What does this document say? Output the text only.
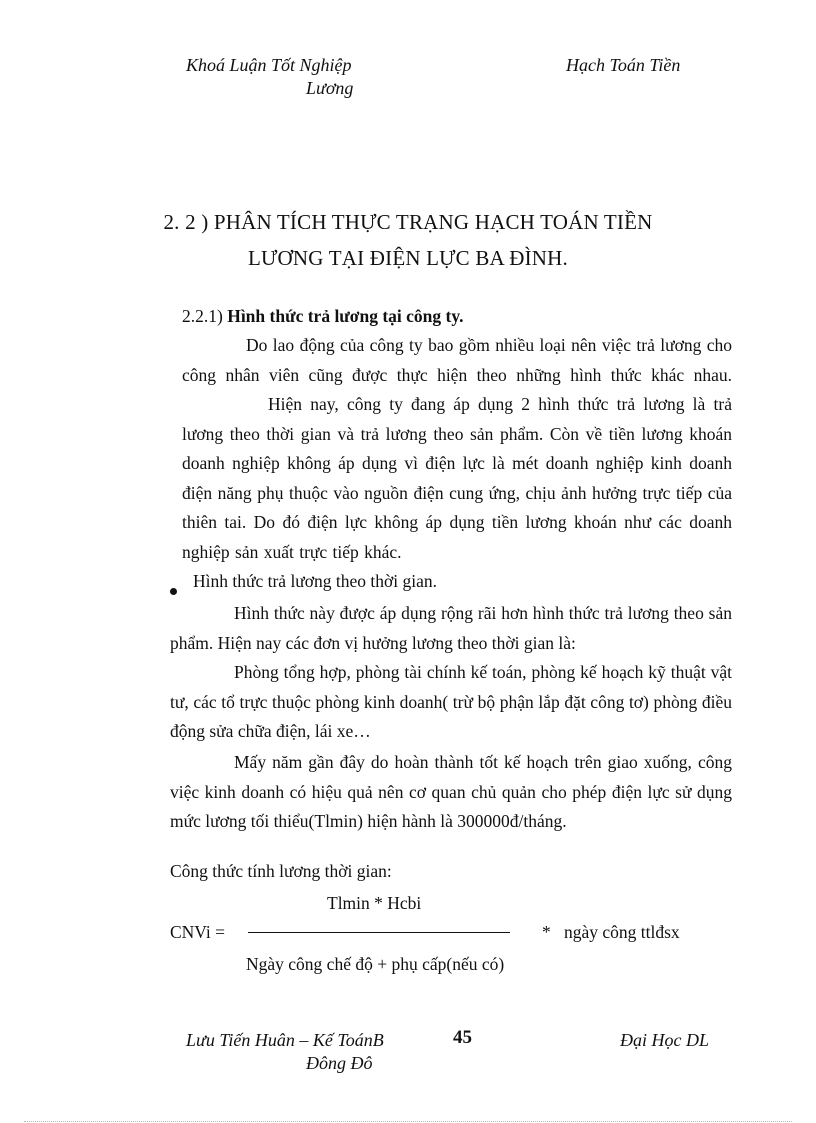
Khoá Luận Tốt Nghiệp
Lương
Hạch Toán Tiền
2. 2 ) PHÂN TÍCH THỰC TRẠNG HẠCH TOÁN TIỀN
LƯƠNG TẠI ĐIỆN LỰC BA ĐÌNH.
2.2.1) Hình thức trả lương tại công ty.
Do lao động của công ty bao gồm nhiều loại nên việc trả lương cho công nhân viên cũng được thực hiện theo những hình thức khác nhau.Hiện nay, công ty đang áp dụng 2 hình thức trả lương là trả lương theo thời gian và trả lương theo sản phẩm. Còn về tiền lương khoán doanh nghiệp không áp dụng vì điện lực là mét doanh nghiệp kinh doanh điện năng phụ thuộc vào nguồn điện cung ứng, chịu ảnh hưởng trực tiếp của thiên tai. Do đó điện lực không áp dụng tiền lương khoán như các doanh nghiệp sản xuất trực tiếp khác.
Hình thức trả lương theo thời gian.
Hình thức này được áp dụng rộng rãi hơn hình thức trả lương theo sản phẩm. Hiện nay các đơn vị hưởng lương theo thời gian là:
Phòng tổng hợp, phòng tài chính kế toán, phòng kế hoạch kỹ thuật vật tư, các tổ trực thuộc phòng kinh doanh( trừ bộ phận lắp đặt công tơ) phòng điều động sửa chữa điện, lái xe…
Mấy năm gần đây do hoàn thành tốt kế hoạch trên giao xuống, công việc kinh doanh có hiệu quả nên cơ quan chủ quản cho phép điện lực sử dụng mức lương tối thiểu(Tlmin) hiện hành là 300000đ/tháng.
Công thức tính lương thời gian:
Tlmin * Hcbi
CNVi =	* ngày công ttlđsx
Ngày công chế độ + phụ cấp(nếu có)
Lưu Tiến Huân – Kế ToánB
Đông Đô
45	Đại Học DL
